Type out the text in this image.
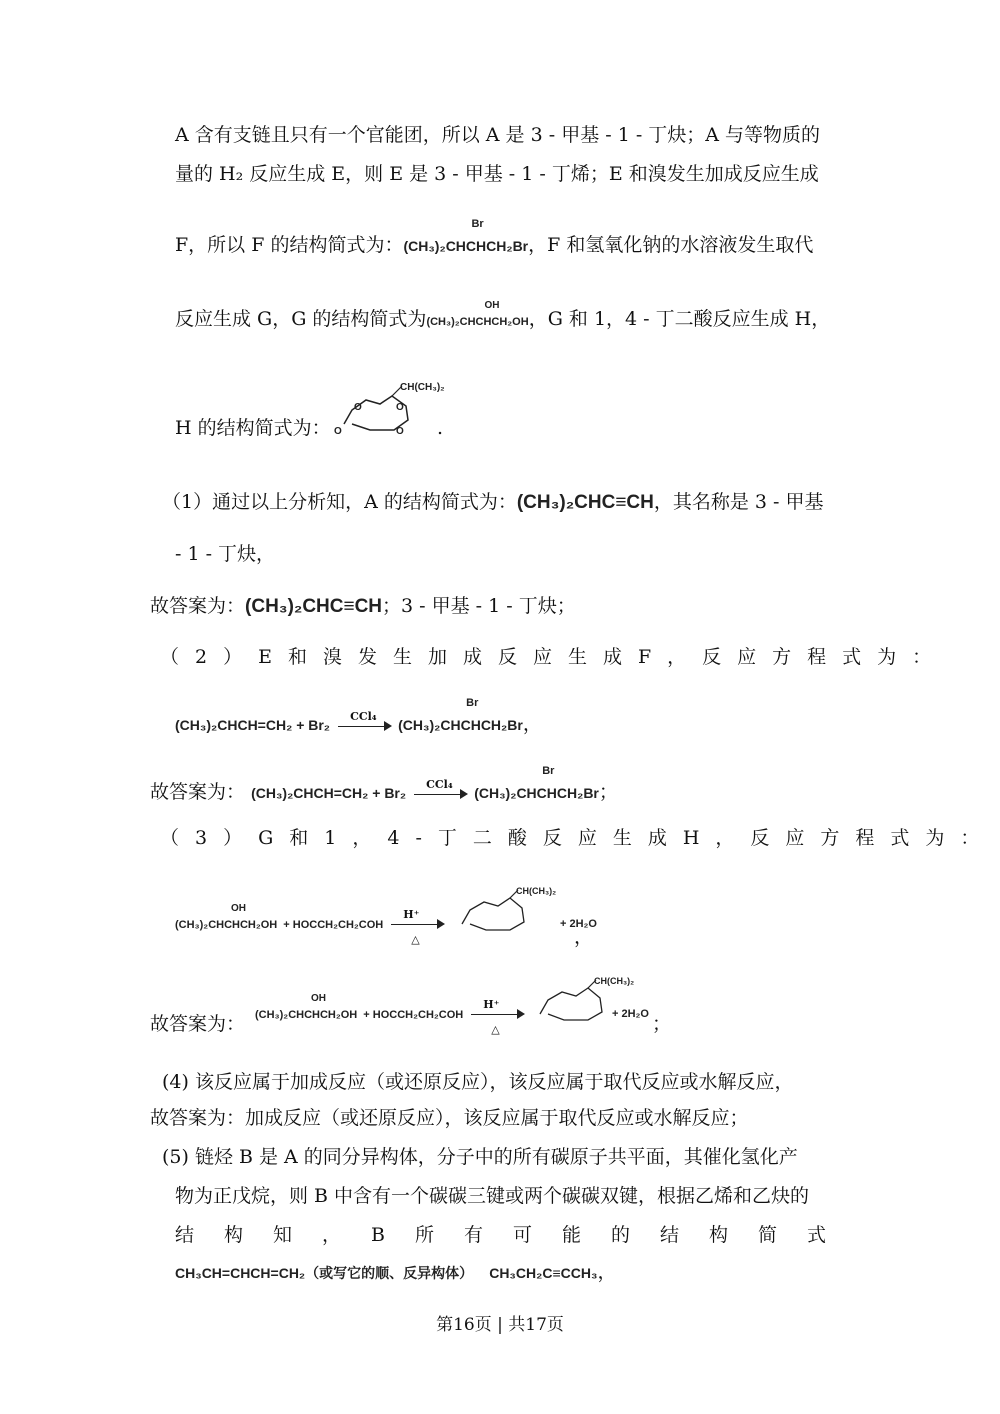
A 含有支链且只有一个官能团，所以 A 是 3 - 甲基 - 1 - 丁炔；A 与等物质的
量的 H₂ 反应生成 E，则 E 是 3 - 甲基 - 1 - 丁烯；E 和溴发生加成反应生成
F，所以 F 的结构简式为：
Br
(CH₃)₂CHCHCH₂Br，F 和氢氧化钠的水溶液发生取代
反应生成 G，G 的结构简式为
OH
(CH₃)₂CHCHCH₂OH，G 和 1，4 - 丁二酸反应生成 H，
H 的结构简式为：
O	O
O	O
CH(CH₃)₂
.
（1）通过以上分析知，A 的结构简式为：(CH₃)₂CHC≡CH，其名称是 3 - 甲基
- 1 - 丁炔，
故答案为：(CH₃)₂CHC≡CH；3 - 甲基 - 1 - 丁炔；
（2）E和溴发生加成反应生成F，反应方程式为：
(CH₃)₂CHCH=CH₂ + Br₂
CCl₄

Br
(CH₃)₂CHCHCH₂Br，
故答案为： (CH₃)₂CHCH=CH₂ + Br₂
CCl₄

Br
(CH₃)₂CHCHCH₂Br；
（3）G和1，4-丁二酸反应生成H，反应方程式为：
OH
(CH₃)₂CHCHCH₂OH + HOCCH₂CH₂COH
H⁺
△
CH(CH₃)₂
+ 2H₂O
，
故答案为：
OH
(CH₃)₂CHCHCH₂OH + HOCCH₂CH₂COH
H⁺
△
CH(CH₃)₂
+ 2H₂O ；
(4) 该反应属于加成反应（或还原反应），该反应属于取代反应或水解反应，
故答案为：加成反应（或还原反应），该反应属于取代反应或水解反应；
(5) 链烃 B 是 A 的同分异构体，分子中的所有碳原子共平面，其催化氢化产
物为正戊烷，则 B 中含有一个碳碳三键或两个碳碳双键，根据乙烯和乙炔的
结构知，B所有可能的结构简式
CH₃CH=CHCH=CH₂（或写它的顺、反异构体） CH₃CH₂C≡CCH₃，
第16页 | 共17页
